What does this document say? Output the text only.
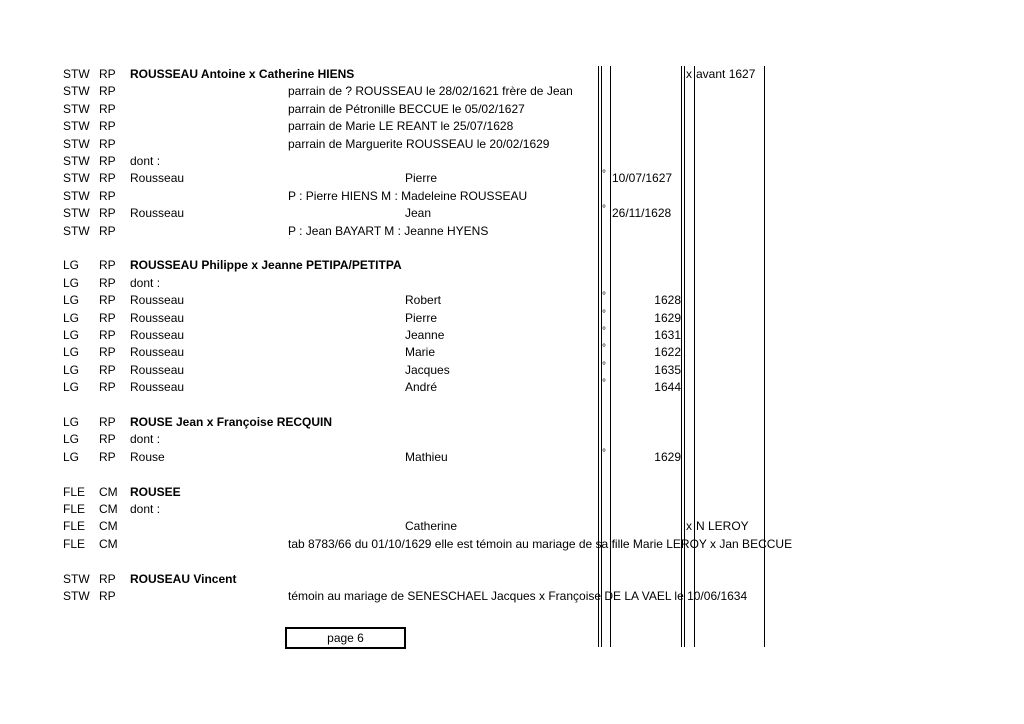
STW RP ROUSSEAU Antoine x Catherine HIENS	x avant 1627
STW RP	parrain de ? ROUSSEAU le 28/02/1621 frère de Jean
STW RP	parrain de Pétronille BECCUE le 05/02/1627
STW RP	parrain de Marie LE REANT le 25/07/1628
STW RP	parrain de Marguerite ROUSSEAU le 20/02/1629
STW RP dont :
STW RP Rousseau	Pierre	° 10/07/1627
STW RP	P : Pierre HIENS M : Madeleine ROUSSEAU
STW RP Rousseau	Jean	° 26/11/1628
STW RP	P : Jean BAYART M : Jeanne HYENS
LG RP ROUSSEAU Philippe x Jeanne PETIPA/PETITPA
LG RP dont :
LG RP Rousseau	Robert	°	1628
LG RP Rousseau	Pierre	°	1629
LG RP Rousseau	Jeanne	°	1631
LG RP Rousseau	Marie	°	1622
LG RP Rousseau	Jacques	°	1635
LG RP Rousseau	André	°	1644
LG RP ROUSE Jean x Françoise RECQUIN
LG RP dont :
LG RP Rouse	Mathieu	°	1629
FLE CM ROUSEE
FLE CM dont :
FLE CM	Catherine	x N LEROY
FLE CM	tab 8783/66 du 01/10/1629 elle est témoin au mariage de sa fille Marie LEROY x Jan BECCUE
STW RP ROUSEAU Vincent
STW RP	témoin au mariage de SENESCHAEL Jacques x Françoise DE LA VAEL le 10/06/1634
page 6
